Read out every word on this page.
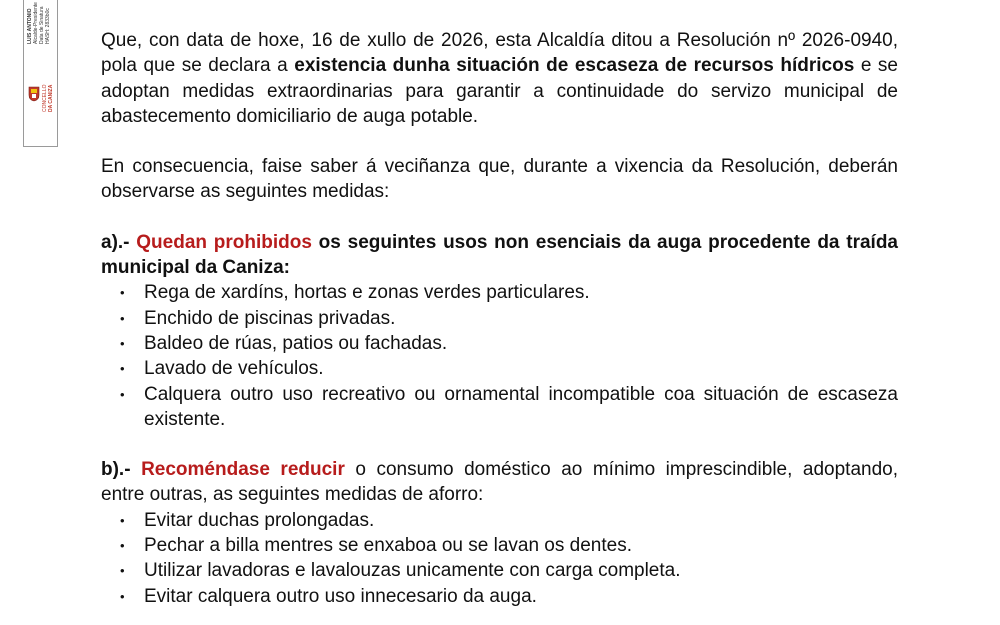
LUIS ANTONIOAlcalde-PresidenteData de SinaturaHASH: 2833b0c
CONCELLO DA CANIZA

Que, con data de hoxe, 16 de xullo de 2026, esta Alcaldía ditou a Resolución nº 2026-0940, pola que se declara a existencia dunha situación de escaseza de recursos hídricos e se adoptan medidas extraordinarias para garantir a continuidade do servizo municipal de abastecemento domiciliario de auga potable.

En consecuencia, faise saber á veciñanza que, durante a vixencia da Resolución, deberán observarse as seguintes medidas:

a).- Quedan prohibidos os seguintes usos non esenciais da auga procedente da traída municipal da Caniza:

• Rega de xardíns, hortas e zonas verdes particulares.
• Enchido de piscinas privadas.
• Baldeo de rúas, patios ou fachadas.
• Lavado de vehículos.
• Calquera outro uso recreativo ou ornamental incompatible coa situación de escaseza existente.

b).- Recoméndase reducir o consumo doméstico ao mínimo imprescindible, adoptando, entre outras, as seguintes medidas de aforro:

• Evitar duchas prolongadas.
• Pechar a billa mentres se enxaboa ou se lavan os dentes.
• Utilizar lavadoras e lavalouzas unicamente con carga completa.
• Evitar calquera outro uso innecesario da auga.
